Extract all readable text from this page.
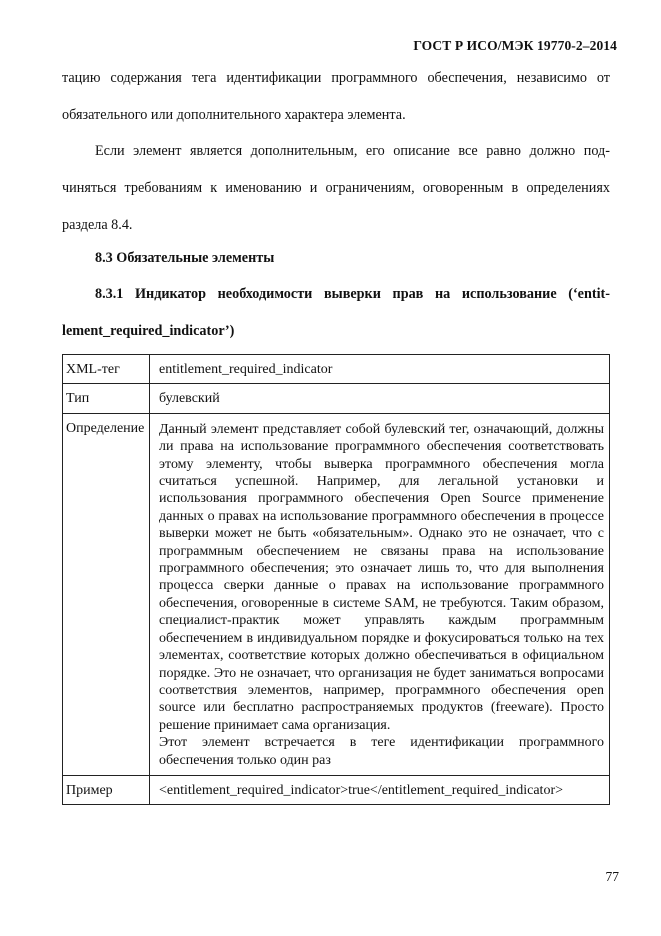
ГОСТ Р ИСО/МЭК 19770-2–2014
тацию содержания тега идентификации программного обеспечения, независимо от обязательного или дополнительного характера элемента.
Если элемент является дополнительным, его описание все равно должно подчиняться требованиям к именованию и ограничениям, оговоренным в определениях раздела 8.4.
8.3 Обязательные элементы
8.3.1 Индикатор необходимости выверки прав на использование (‘entitlement_required_indicator’)
XML-тег	entitlement_required_indicator
Тип	булевский
Определение	Данный элемент представляет собой булевский тег, означающий, должны ли права на использование программного обеспечения соответствовать этому элементу, чтобы выверка программного обеспечения могла считаться успешной. Например, для легальной установки и использования программного обеспечения Open Source применение данных о правах на использование программного обеспечения в процессе выверки может не быть «обязательным». Однако это не означает, что с программным обеспечением не связаны права на использование программного обеспечения; это означает лишь то, что для выполнения процесса сверки данные о правах на использование программного обеспечения, оговоренные в системе SAM, не требуются. Таким образом, специалист-практик может управлять каждым программным обеспечением в индивидуальном порядке и фокусироваться только на тех элементах, соответствие которых должно обеспечиваться в официальном порядке. Это не означает, что организация не будет заниматься вопросами соответствия элементов, например, программного обеспечения open source или бесплатно распространяемых продуктов (freeware). Просто решение принимает сама организация.
Этот элемент встречается в теге идентификации программного обеспечения только один раз

Пример	<entitlement_required_indicator>true</entitlement_required_indicator>
77
